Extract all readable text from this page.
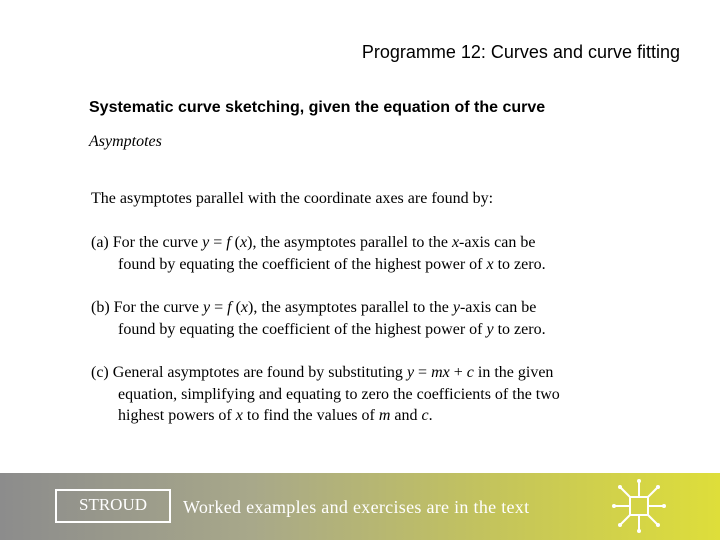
Programme 12: Curves and curve fitting
Systematic curve sketching, given the equation of the curve
Asymptotes
The asymptotes parallel with the coordinate axes are found by:
(a) For the curve y = f (x), the asymptotes parallel to the x-axis can be
found by equating the coefficient of the highest power of x to zero.
(b) For the curve y = f (x), the asymptotes parallel to the y-axis can be
found by equating the coefficient of the highest power of y to zero.
(c) General asymptotes are found by substituting y = mx + c in the given
equation, simplifying and equating to zero the coefficients of the two
highest powers of x to find the values of m and c.
STROUD	Worked examples and exercises are in the text
